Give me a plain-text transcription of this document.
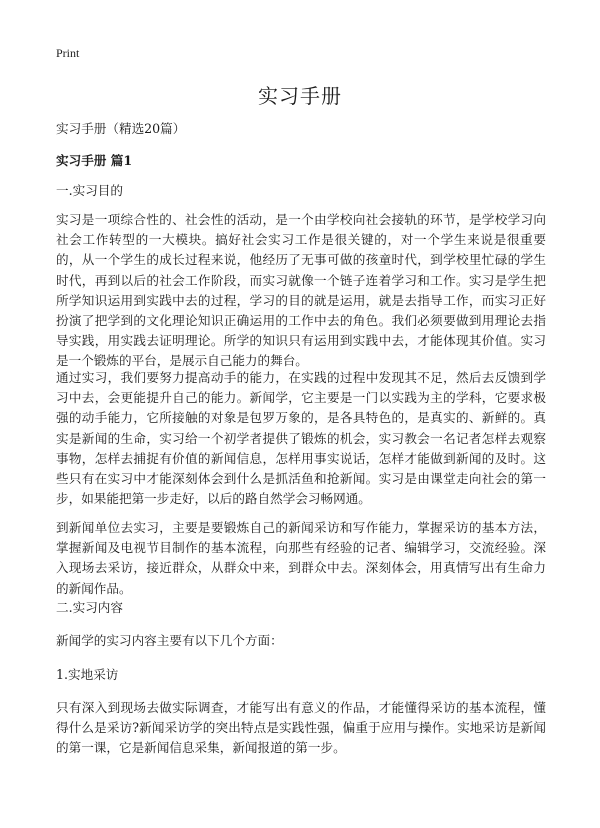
Print
实习手册

实习手册（精选20篇）

实习手册 篇1

一.实习目的

实习是一项综合性的、社会性的活动，是一个由学校向社会接轨的环节，是学校学习向社会工作转型的一大模块。搞好社会实习工作是很关键的，对一个学生来说是很重要的，从一个学生的成长过程来说，他经历了无事可做的孩童时代，到学校里忙碌的学生时代，再到以后的社会工作阶段，而实习就像一个链子连着学习和工作。实习是学生把所学知识运用到实践中去的过程，学习的目的就是运用，就是去指导工作，而实习正好扮演了把学到的文化理论知识正确运用的工作中去的角色。我们必须要做到用理论去指导实践，用实践去证明理论。所学的知识只有运用到实践中去，才能体现其价值。实习是一个锻炼的平台，是展示自己能力的舞台。

通过实习，我们要努力提高动手的能力，在实践的过程中发现其不足，然后去反馈到学习中去，会更能提升自己的能力。新闻学，它主要是一门以实践为主的学科，它要求极强的动手能力，它所接触的对象是包罗万象的，是各具特色的，是真实的、新鲜的。真实是新闻的生命，实习给一个初学者提供了锻炼的机会，实习教会一名记者怎样去观察事物，怎样去捕捉有价值的新闻信息，怎样用事实说话，怎样才能做到新闻的及时。这些只有在实习中才能深刻体会到什么是抓活鱼和抢新闻。实习是由课堂走向社会的第一步，如果能把第一步走好，以后的路自然学会习畅网通。

到新闻单位去实习，主要是要锻炼自己的新闻采访和写作能力，掌握采访的基本方法，掌握新闻及电视节目制作的基本流程，向那些有经验的记者、编辑学习，交流经验。深入现场去采访，接近群众，从群众中来，到群众中去。深刻体会，用真情写出有生命力的新闻作品。

二.实习内容

新闻学的实习内容主要有以下几个方面：

1.实地采访

只有深入到现场去做实际调查，才能写出有意义的作品，才能懂得采访的基本流程，懂得什么是采访?新闻采访学的突出特点是实践性强，偏重于应用与操作。实地采访是新闻的第一课，它是新闻信息采集，新闻报道的第一步。
